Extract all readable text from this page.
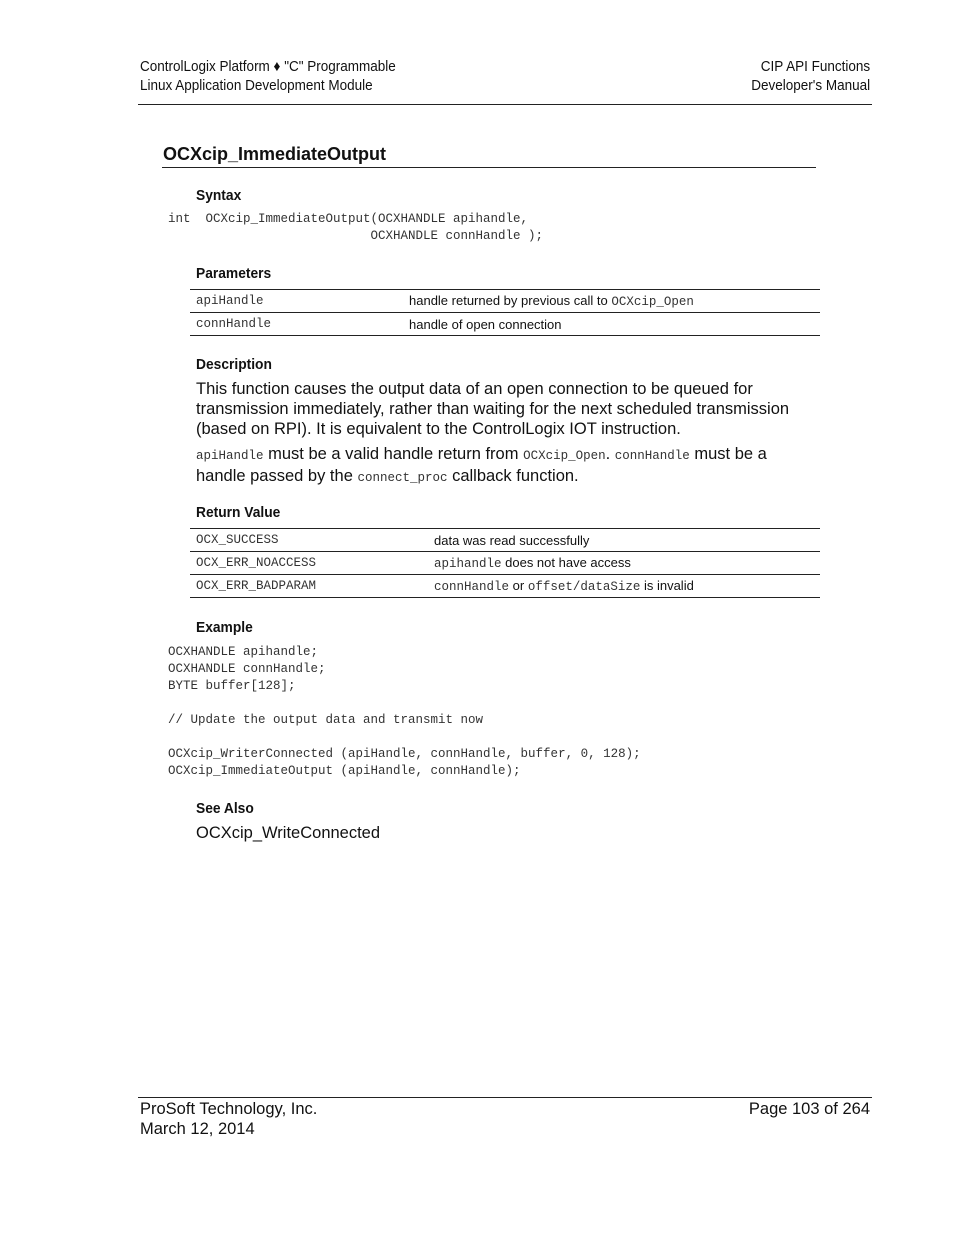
ControlLogix Platform ♦ "C" Programmable
Linux Application Development Module
CIP API Functions
Developer's Manual
OCXcip_ImmediateOutput
Syntax
int  OCXcip_ImmediateOutput(OCXHANDLE apihandle,
OCXHANDLE connHandle );
Parameters
apiHandle	handle returned by previous call to OCXcip_Open
connHandle	handle of open connection
Description
This function causes the output data of an open connection to be queued for transmission immediately, rather than waiting for the next scheduled transmission (based on RPI). It is equivalent to the ControlLogix IOT instruction.
apiHandle must be a valid handle return from OCXcip_Open. connHandle must be a handle passed by the connect_proc callback function.
Return Value
OCX_SUCCESS	data was read successfully
OCX_ERR_NOACCESS	apihandle does not have access
OCX_ERR_BADPARAM	connHandle or offset/dataSize is invalid
Example
OCXHANDLE apihandle;
OCXHANDLE connHandle;
BYTE buffer[128];
// Update the output data and transmit now
OCXcip_WriterConnected (apiHandle, connHandle, buffer, 0, 128);
OCXcip_ImmediateOutput (apiHandle, connHandle);
See Also
OCXcip_WriteConnected
ProSoft Technology, Inc.
March 12, 2014
Page 103 of 264
